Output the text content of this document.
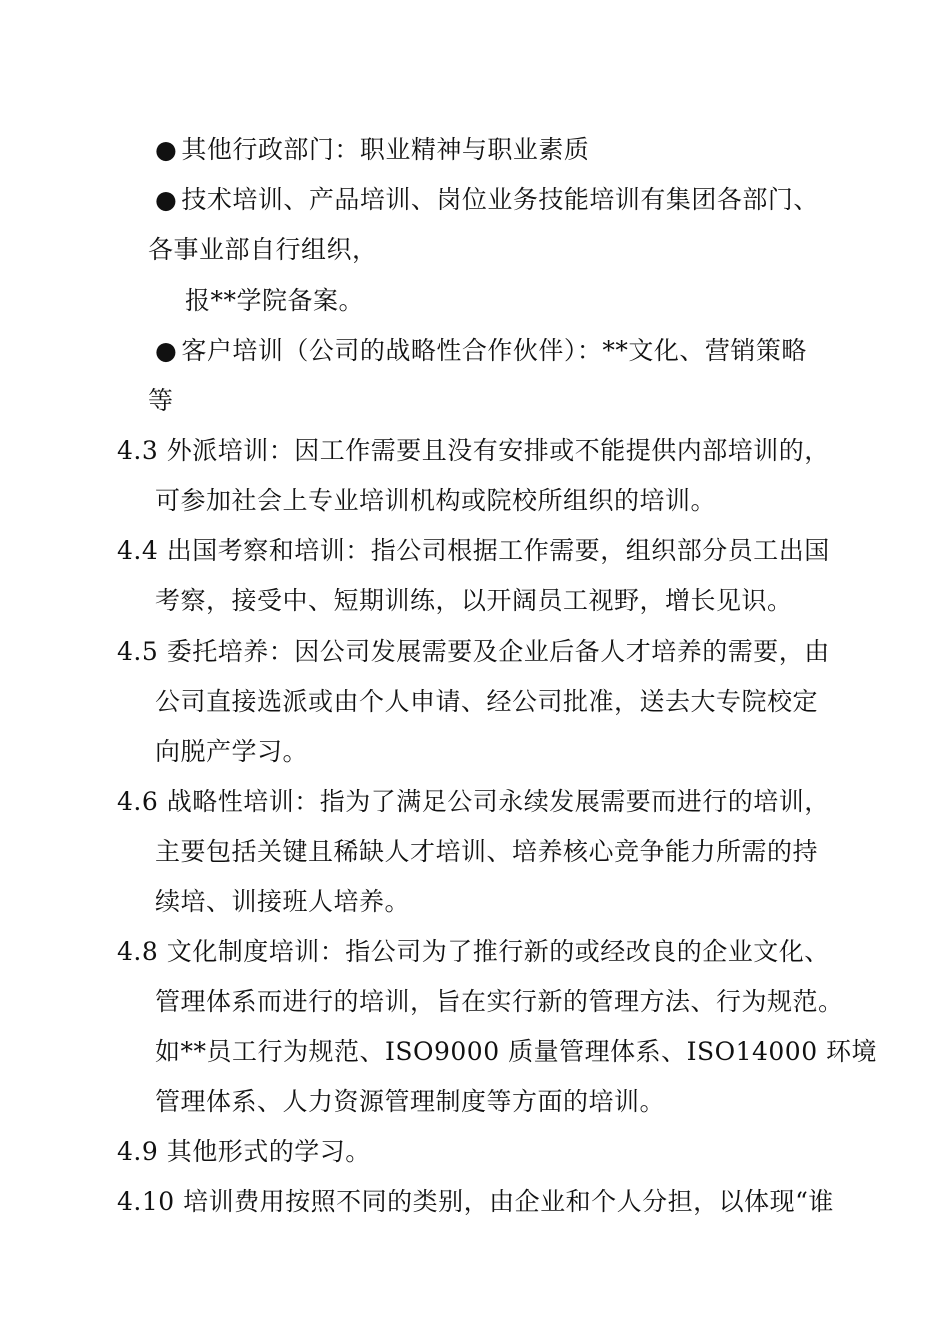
● 其他行政部门：职业精神与职业素质
● 技术培训、产品培训、岗位业务技能培训有集团各部门、
各事业部自行组织，
报**学院备案。
● 客户培训（公司的战略性合作伙伴）：**文化、营销策略
等
4.3 外派培训：因工作需要且没有安排或不能提供内部培训的，
可参加社会上专业培训机构或院校所组织的培训。
4.4 出国考察和培训：指公司根据工作需要，组织部分员工出国
考察，接受中、短期训练，以开阔员工视野，增长见识。
4.5 委托培养：因公司发展需要及企业后备人才培养的需要，由
公司直接选派或由个人申请、经公司批准，送去大专院校定
向脱产学习。
4.6 战略性培训：指为了满足公司永续发展需要而进行的培训，
主要包括关键且稀缺人才培训、培养核心竞争能力所需的持
续培、训接班人培养。
4.8 文化制度培训：指公司为了推行新的或经改良的企业文化、
管理体系而进行的培训，旨在实行新的管理方法、行为规范。
如**员工行为规范、ISO9000 质量管理体系、ISO14000 环境
管理体系、人力资源管理制度等方面的培训。
4.9 其他形式的学习。
4.10 培训费用按照不同的类别，由企业和个人分担，以体现“谁
